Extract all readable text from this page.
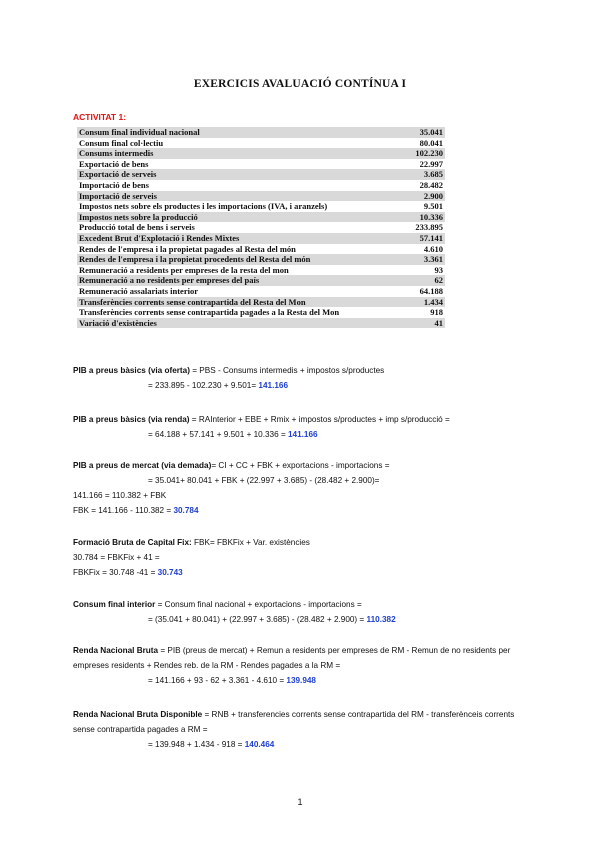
EXERCICIS AVALUACIÓ CONTÍNUA I
ACTIVITAT 1:
Consum final individual nacional	35.041
Consum final col·lectiu	80.041
Consums intermedis	102.230
Exportació de bens	22.997
Exportació de serveis	3.685
Importació de bens	28.482
Importació de serveis	2.900
Impostos nets sobre els productes i les importacions (IVA, i aranzels)	9.501
Impostos nets sobre la producció	10.336
Producció total de bens i serveis	233.895
Excedent Brut d'Explotació i Rendes Mixtes	57.141
Rendes de l'empresa i la propietat pagades al Resta del món	4.610
Rendes de l'empresa i la propietat procedents del Resta del món	3.361
Remuneració a residents per empreses de la resta del mon	93
Remuneració a no residents per empreses del país	62
Remuneració assalariats interior	64.188
Transferències corrents sense contrapartida del Resta del Mon	1.434
Transferències corrents sense contrapartida pagades a la Resta del Mon	918
Variació d'existències	41

PIB a preus bàsics (via oferta) = PBS - Consums intermedis + impostos s/productes

= 233.895 - 102.230 + 9.501= 141.166

PIB a preus bàsics (via renda) = RAInterior + EBE + Rmix + impostos s/productes + imp s/producció =

= 64.188 + 57.141 + 9.501 + 10.336 = 141.166

PIB a preus de mercat (via demada)= CI + CC + FBK + exportacions - importacions =

= 35.041+ 80.041 + FBK + (22.997 + 3.685) - (28.482 + 2.900)=

141.166 = 110.382 + FBK

FBK = 141.166 - 110.382 = 30.784

Formació Bruta de Capital Fix: FBK= FBKFix + Var. existències

30.784 = FBKFix + 41 =

FBKFix = 30.748 -41 = 30.743

Consum final interior = Consum final nacional + exportacions - importacions =

= (35.041 + 80.041) + (22.997 + 3.685) - (28.482 + 2.900) = 110.382

Renda Nacional Bruta = PIB (preus de mercat) + Remun a residents per empreses de RM - Remun de no residents per empreses residents + Rendes reb. de la RM - Rendes pagades a la RM =

= 141.166 + 93 - 62 + 3.361 - 4.610 = 139.948

Renda Nacional Bruta Disponible = RNB + transferencies corrents sense contrapartida del RM - transferènceis corrents sense contrapartida pagades a RM =

= 139.948 + 1.434 - 918 = 140.464

1
